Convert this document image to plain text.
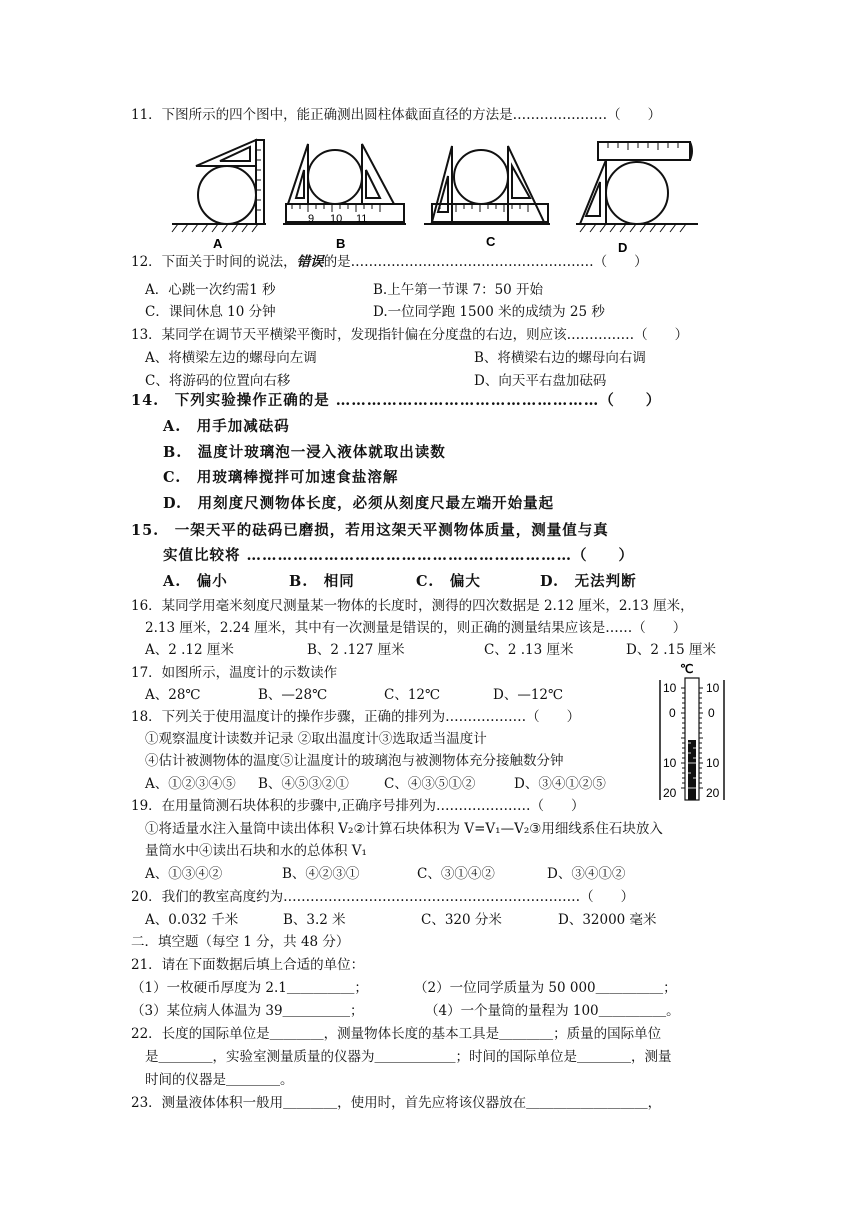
11．下图所示的四个图中，能正确测出圆柱体截面直径的方法是…………………（　　）
9 10 11
A	B	C	D
12．下面关于时间的说法，错误的是………………………………………………（　　）
A．心跳一次约需1 秒	B.上午第一节课 7：50 开始
C．课间休息 10 分钟	D.一位同学跑 1500 米的成绩为 25 秒
13．某同学在调节天平横梁平衡时，发现指针偏在分度盘的右边，则应该……………（　　）
A、将横梁左边的螺母向左调	B、将横梁右边的螺母向右调
C、将游码的位置向右移	D、向天平右盘加砝码
14.　下列实验操作正确的是 ……………………………………………（　　）
A.　用手加减砝码
B.　温度计玻璃泡一浸入液体就取出读数
C.　用玻璃棒搅拌可加速食盐溶解
D.　用刻度尺测物体长度，必须从刻度尺最左端开始量起
15.　一架天平的砝码已磨损，若用这架天平测物体质量，测量值与真
实值比较将 ………………………………………………………（　　）
A.　偏小	B.　相同	C.　偏大	D.　无法判断
16．某同学用毫米刻度尺测量某一物体的长度时，测得的四次数据是 2.12 厘米，2.13 厘米，
2.13 厘米，2.24 厘米，其中有一次测量是错误的，则正确的测量结果应该是……（　　）
A、2 .12 厘米	B、2 .127 厘米	C、2 .13 厘米	D、2 .15 厘米
17．如图所示，温度计的示数读作
A、28℃	B、—28℃	C、12℃	D、—12℃
℃
10
0
10
20
10
0
10
20
18．下列关于使用温度计的操作步骤，正确的排列为………………（　　）
①观察温度计读数并记录 ②取出温度计③选取适当温度计
④估计被测物体的温度⑤让温度计的玻璃泡与被测物体充分接触数分钟
A、①②③④⑤ B、④⑤③②①	C、④③⑤①②	D、③④①②⑤
19．在用量筒测石块体积的步骤中,正确序号排列为…………………（　　）
①将适量水注入量筒中读出体积 V₂②计算石块体积为 V=V₁—V₂③用细线系住石块放入
量筒水中④读出石块和水的总体积 V₁
A、①③④②	B、④②③①	C、③①④②	D、③④①②
20．我们的教室高度约为…………………………………………………………（　　）
A、0.032 千米	B、3.2 米	C、320 分米	D、32000 毫米
二．填空题（每空 1 分，共 48 分）
21．请在下面数据后填上合适的单位：
（1）一枚硬币厚度为 2.1＿＿＿＿＿；	（2）一位同学质量为 50 000＿＿＿＿＿；
（3）某位病人体温为 39＿＿＿＿＿；	（4）一个量筒的量程为 100＿＿＿＿＿。
22．长度的国际单位是＿＿＿＿，测量物体长度的基本工具是＿＿＿＿；质量的国际单位
是＿＿＿＿，实验室测量质量的仪器为＿＿＿＿＿＿；时间的国际单位是＿＿＿＿，测量
时间的仪器是＿＿＿＿。
23．测量液体体积一般用＿＿＿＿，使用时，首先应将该仪器放在＿＿＿＿＿＿＿＿＿，
